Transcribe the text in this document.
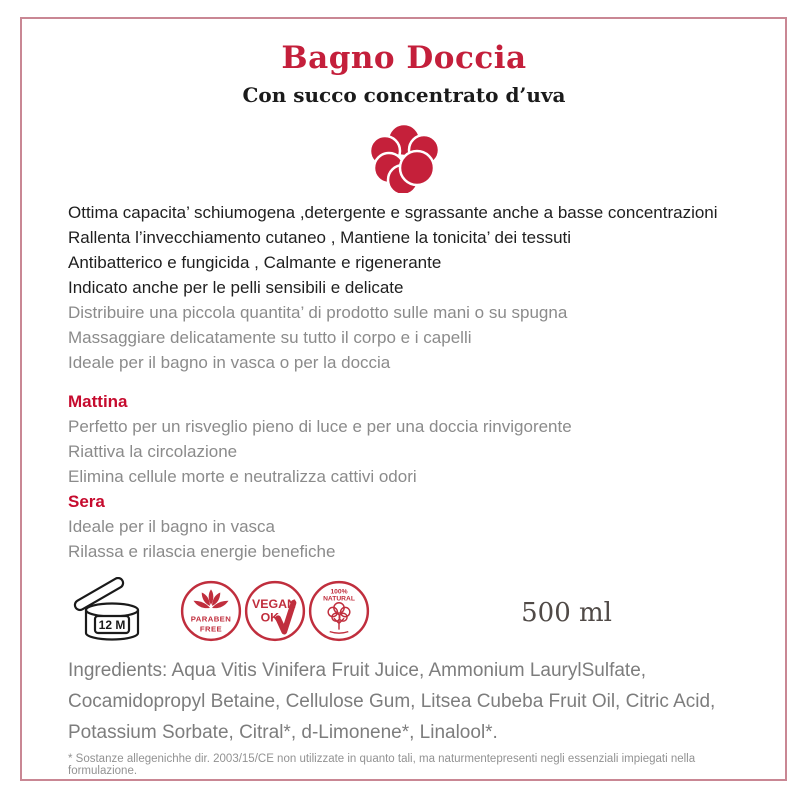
Bagno Doccia
Con succo concentrato d’uva

Ottima capacita’ schiumogena ,detergente e sgrassante anche a basse concentrazioni

Rallenta l’invecchiamento cutaneo , Mantiene la tonicita’ dei tessuti

Antibatterico e fungicida , Calmante e rigenerante

Indicato anche per le pelli sensibili e delicate

Distribuire una piccola quantita’ di prodotto sulle mani o su spugna

Massaggiare delicatamente su tutto il corpo e i capelli

Ideale per il bagno in vasca o per la doccia

Mattina

Perfetto per un risveglio pieno di luce e per una doccia rinvigorente

Riattiva la circolazione

Elimina cellule morte e neutralizza cattivi odori

Sera

Ideale per il bagno in vasca

Rilassa e rilascia energie benefiche

12 M	PARABEN
FREE
VEGAN
OK
100%
NATURAL	500 ml

Ingredients: Aqua Vitis Vinifera Fruit Juice, Ammonium LaurylSulfate, Cocamidopropyl Betaine, Cellulose Gum, Litsea Cubeba Fruit Oil, Citric Acid, Potassium Sorbate, Citral*, d-Limonene*, Linalool*.

* Sostanze allegenichhe dir. 2003/15/CE non utilizzate in quanto tali, ma naturmentepresenti negli essenziali impiegati nella formulazione.
